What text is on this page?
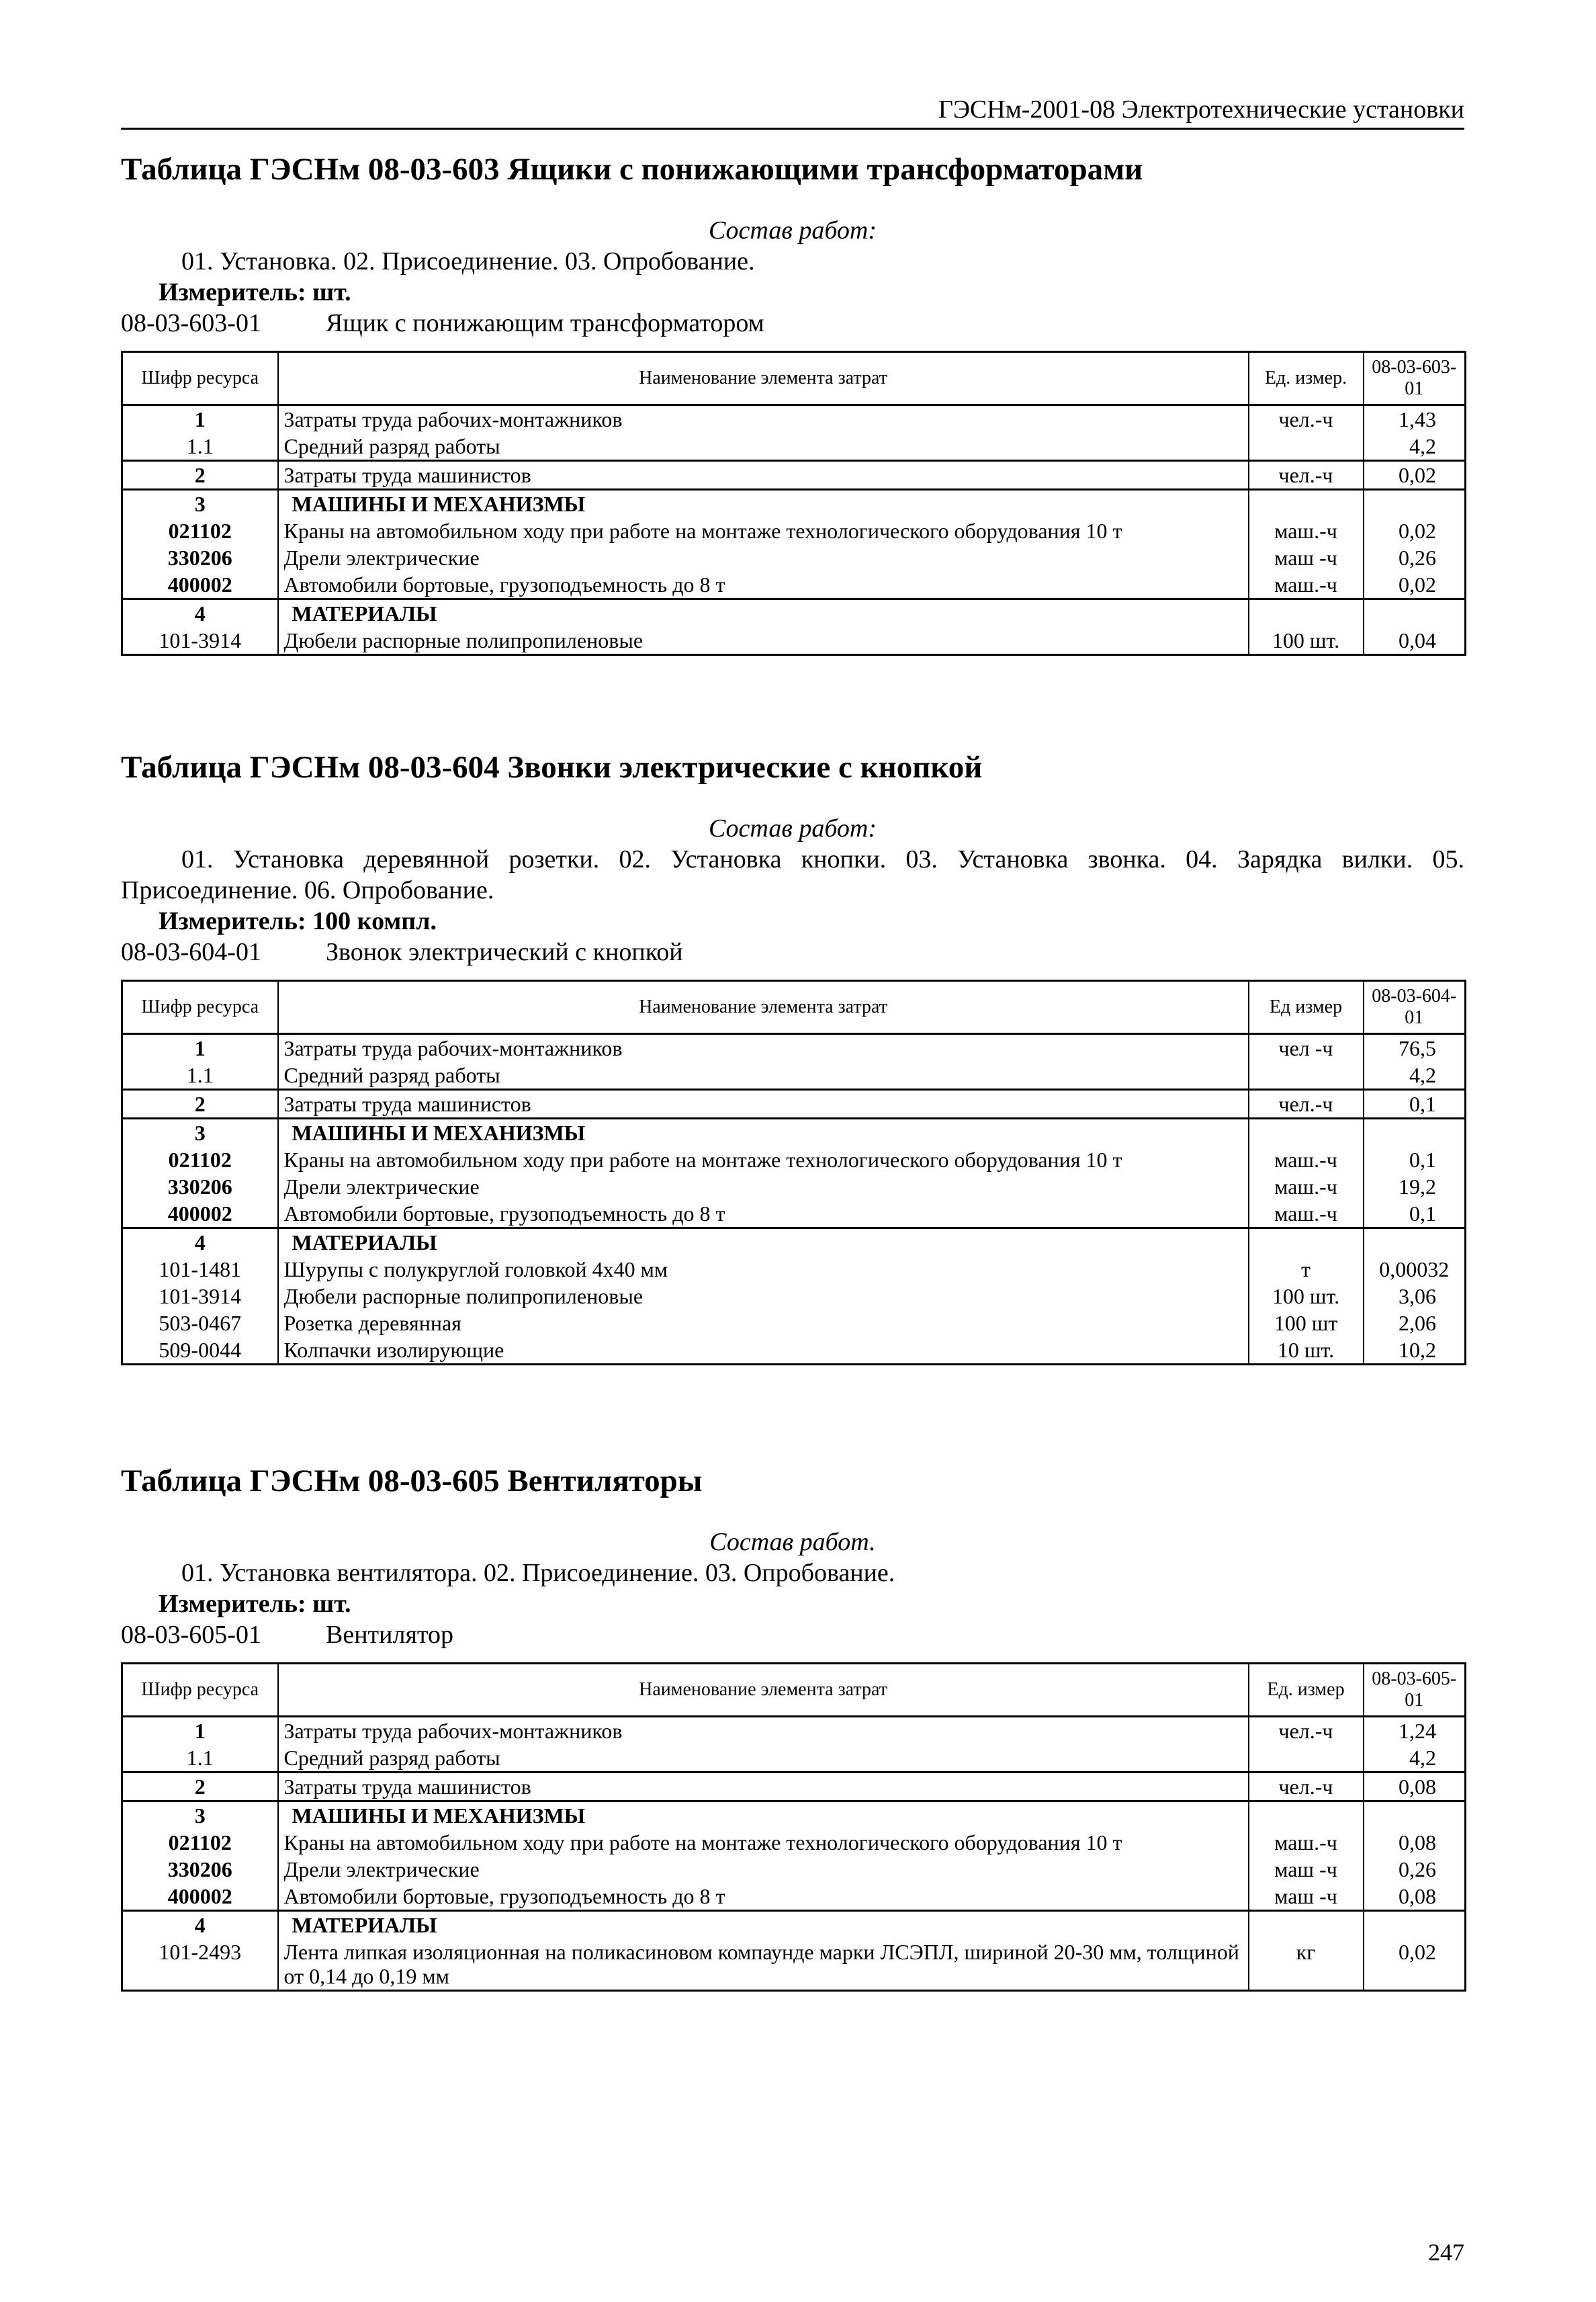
ГЭСНм-2001-08 Электротехнические установки
Таблица ГЭСНм 08-03-603 Ящики с понижающими трансформаторами
Состав работ:
01. Установка. 02. Присоединение. 03. Опробование.
Измеритель: шт.
08-03-603-01	Ящик с понижающим трансформатором
Шифр ресурса	Наименование элемента затрат	Ед. измер.	08-03-603-01
1	Затраты труда рабочих-монтажников	чел.-ч	1,43
1.1	Средний разряд работы		4,2
2	Затраты труда машинистов	чел.-ч	0,02
3	МАШИНЫ И МЕХАНИЗМЫ		
021102	Краны на автомобильном ходу при работе на монтаже технологического оборудования 10 т	маш.-ч	0,02
330206	Дрели электрические	маш -ч	0,26
400002	Автомобили бортовые, грузоподъемность до 8 т	маш.-ч	0,02
4	МАТЕРИАЛЫ		
101-3914	Дюбели распорные полипропиленовые	100 шт.	0,04
Таблица ГЭСНм 08-03-604 Звонки электрические с кнопкой
Состав работ:
01. Установка деревянной розетки. 02. Установка кнопки. 03. Установка звонка. 04. Зарядка вилки. 05. Присоединение. 06. Опробование.
Измеритель: 100 компл.
08-03-604-01	Звонок электрический с кнопкой
Шифр ресурса	Наименование элемента затрат	Ед измер	08-03-604-01
1	Затраты труда рабочих-монтажников	чел -ч	76,5
1.1	Средний разряд работы		4,2
2	Затраты труда машинистов	чел.-ч	0,1
3	МАШИНЫ И МЕХАНИЗМЫ		
021102	Краны на автомобильном ходу при работе на монтаже технологического оборудования 10 т	маш.-ч	0,1
330206	Дрели электрические	маш.-ч	19,2
400002	Автомобили бортовые, грузоподъемность до 8 т	маш.-ч	0,1
4	МАТЕРИАЛЫ		
101-1481	Шурупы с полукруглой головкой 4х40 мм	т	0,00032
101-3914	Дюбели распорные полипропиленовые	100 шт.	3,06
503-0467	Розетка деревянная	100 шт	2,06
509-0044	Колпачки изолирующие	10 шт.	10,2
Таблица ГЭСНм 08-03-605 Вентиляторы
Состав работ.
01. Установка вентилятора. 02. Присоединение. 03. Опробование.
Измеритель: шт.
08-03-605-01	Вентилятор
Шифр ресурса	Наименование элемента затрат	Ед. измер	08-03-605-01
1	Затраты труда рабочих-монтажников	чел.-ч	1,24
1.1	Средний разряд работы		4,2
2	Затраты труда машинистов	чел.-ч	0,08
3	МАШИНЫ И МЕХАНИЗМЫ		
021102	Краны на автомобильном ходу при работе на монтаже технологического оборудования 10 т	маш.-ч	0,08
330206	Дрели электрические	маш -ч	0,26
400002	Автомобили бортовые, грузоподъемность до 8 т	маш -ч	0,08
4	МАТЕРИАЛЫ		
101-2493	Лента липкая изоляционная на поликасиновом компаунде марки ЛСЭПЛ, шириной 20-30 мм, толщиной от 0,14 до 0,19 мм	кг	0,02
247
